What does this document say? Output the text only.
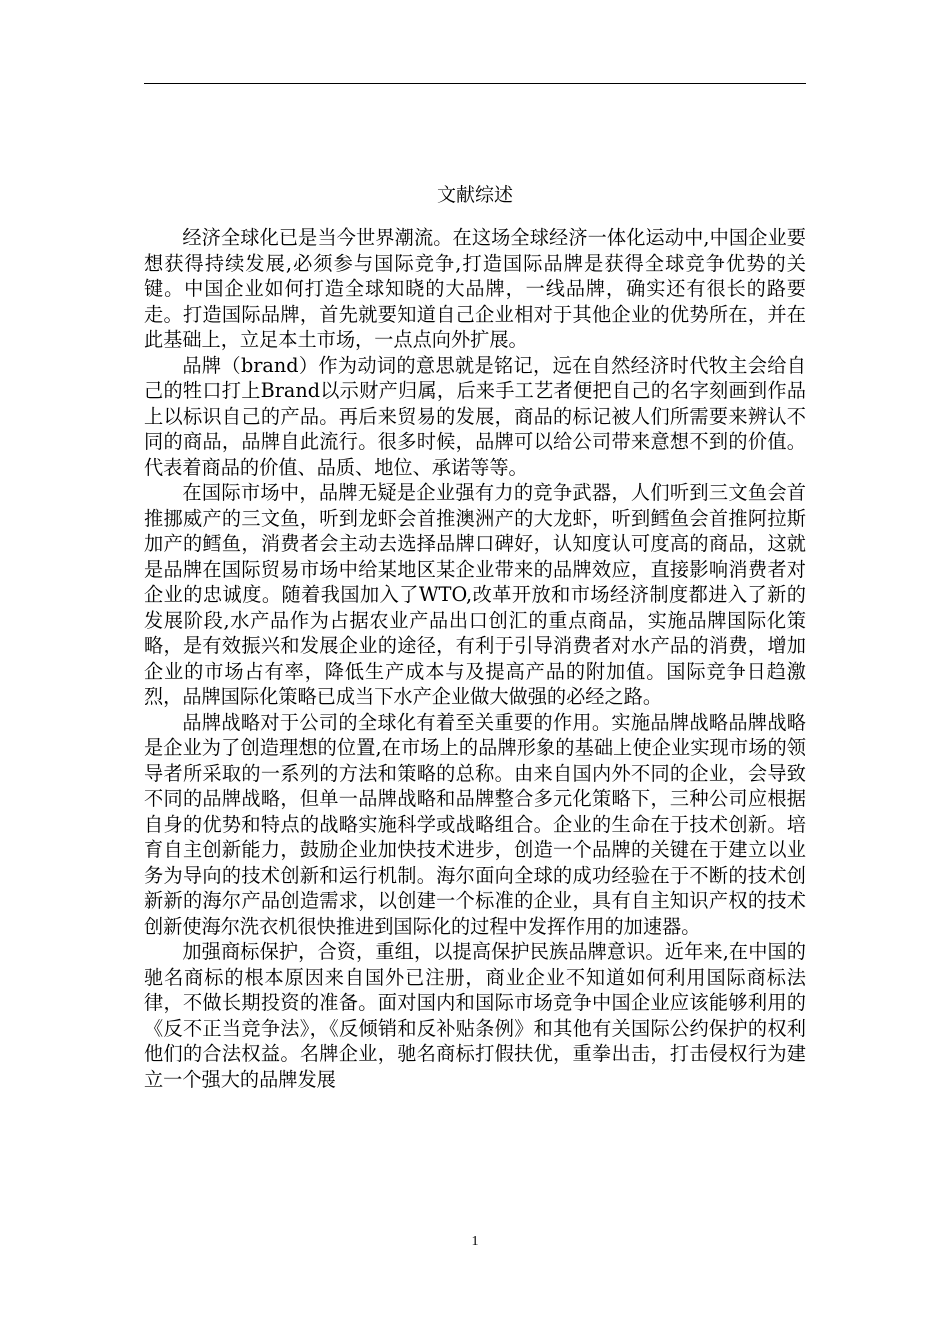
文献综述

经济全球化已是当今世界潮流。在这场全球经济一体化运动中,中国企业要想获得持续发展,必须参与国际竞争,打造国际品牌是获得全球竞争优势的关键。中国企业如何打造全球知晓的大品牌，一线品牌，确实还有很长的路要走。打造国际品牌，首先就要知道自己企业相对于其他企业的优势所在，并在此基础上，立足本土市场，一点点向外扩展。

品牌（brand）作为动词的意思就是铭记，远在自然经济时代牧主会给自己的牲口打上Brand以示财产归属，后来手工艺者便把自己的名字刻画到作品上以标识自己的产品。再后来贸易的发展，商品的标记被人们所需要来辨认不同的商品，品牌自此流行。很多时候，品牌可以给公司带来意想不到的价值。代表着商品的价值、品质、地位、承诺等等。

在国际市场中，品牌无疑是企业强有力的竞争武器，人们听到三文鱼会首推挪威产的三文鱼，听到龙虾会首推澳洲产的大龙虾，听到鳕鱼会首推阿拉斯加产的鳕鱼，消费者会主动去选择品牌口碑好，认知度认可度高的商品，这就是品牌在国际贸易市场中给某地区某企业带来的品牌效应，直接影响消费者对企业的忠诚度。随着我国加入了WTO,改革开放和市场经济制度都进入了新的发展阶段,水产品作为占据农业产品出口创汇的重点商品，实施品牌国际化策略，是有效振兴和发展企业的途径，有利于引导消费者对水产品的消费，增加企业的市场占有率，降低生产成本与及提高产品的附加值。国际竞争日趋激烈，品牌国际化策略已成当下水产企业做大做强的必经之路。

品牌战略对于公司的全球化有着至关重要的作用。实施品牌战略品牌战略是企业为了创造理想的位置,在市场上的品牌形象的基础上使企业实现市场的领导者所采取的一系列的方法和策略的总称。由来自国内外不同的企业，会导致不同的品牌战略，但单一品牌战略和品牌整合多元化策略下，三种公司应根据自身的优势和特点的战略实施科学或战略组合。企业的生命在于技术创新。培育自主创新能力，鼓励企业加快技术进步，创造一个品牌的关键在于建立以业务为导向的技术创新和运行机制。海尔面向全球的成功经验在于不断的技术创新新的海尔产品创造需求，以创建一个标准的企业，具有自主知识产权的技术创新使海尔洗衣机很快推进到国际化的过程中发挥作用的加速器。

加强商标保护，合资，重组，以提高保护民族品牌意识。近年来,在中国的驰名商标的根本原因来自国外已注册，商业企业不知道如何利用国际商标法律，不做长期投资的准备。面对国内和国际市场竞争中国企业应该能够利用的《反不正当竞争法》，《反倾销和反补贴条例》和其他有关国际公约保护的权利他们的合法权益。名牌企业，驰名商标打假扶优，重拳出击，打击侵权行为建立一个强大的品牌发展

1
